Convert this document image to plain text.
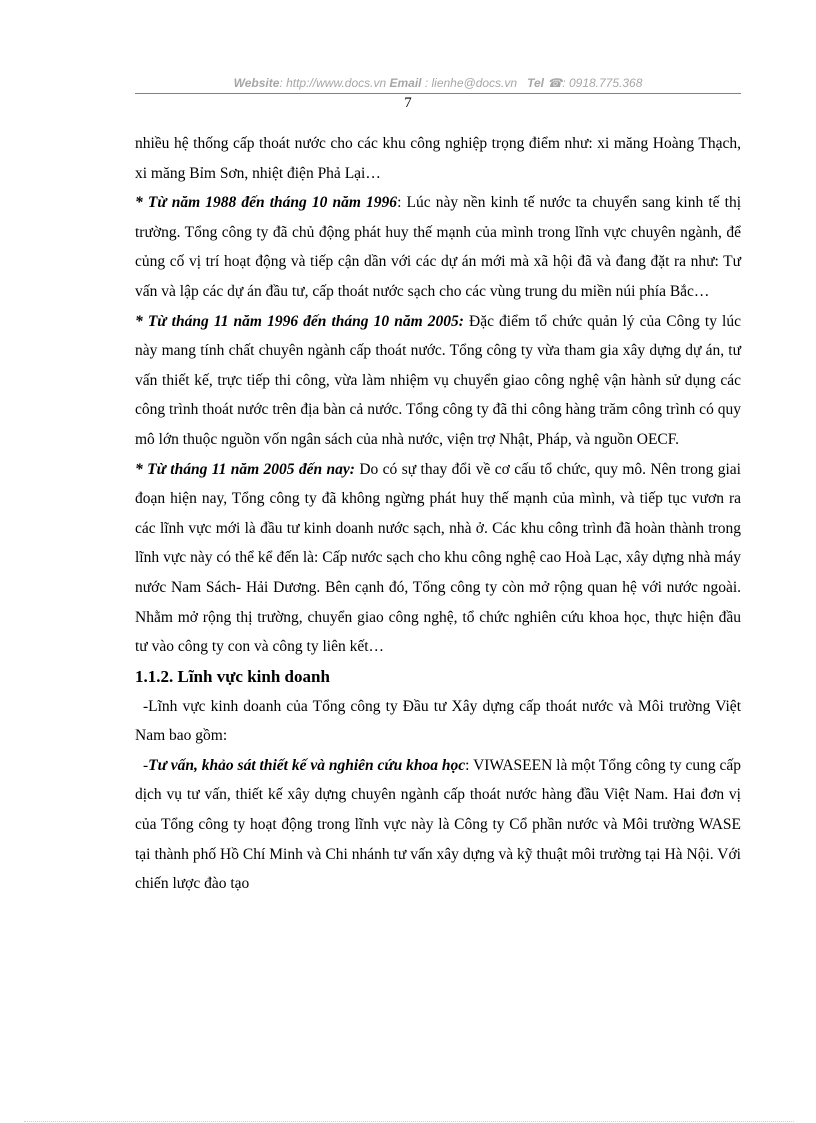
Website: http://www.docs.vn Email : lienhe@docs.vn Tel ☎: 0918.775.368
7

nhiều hệ thống cấp thoát nước cho các khu công nghiệp trọng điểm như: xi măng Hoàng Thạch, xi măng Bỉm Sơn, nhiệt điện Phả Lại…

* Từ năm 1988 đến tháng 10 năm 1996: Lúc này nền kinh tế nước ta chuyển sang kinh tế thị trường. Tổng công ty đã chủ động phát huy thế mạnh của mình trong lĩnh vực chuyên ngành, để củng cố vị trí hoạt động và tiếp cận dần với các dự án mới mà xã hội đã và đang đặt ra như: Tư vấn và lập các dự án đầu tư, cấp thoát nước sạch cho các vùng trung du miền núi phía Bắc…

* Từ tháng 11 năm 1996 đến tháng 10 năm 2005: Đặc điểm tổ chức quản lý của Công ty lúc này mang tính chất chuyên ngành cấp thoát nước. Tổng công ty vừa tham gia xây dựng dự án, tư vấn thiết kế, trực tiếp thi công, vừa làm nhiệm vụ chuyển giao công nghệ vận hành sử dụng các công trình thoát nước trên địa bàn cả nước. Tổng công ty đã thi công hàng trăm công trình có quy mô lớn thuộc nguồn vốn ngân sách của nhà nước, viện trợ Nhật, Pháp, và nguồn OECF.

* Từ tháng 11 năm 2005 đến nay: Do có sự thay đổi về cơ cấu tổ chức, quy mô. Nên trong giai đoạn hiện nay, Tổng công ty đã không ngừng phát huy thế mạnh của mình, và tiếp tục vươn ra các lĩnh vực mới là đầu tư kinh doanh nước sạch, nhà ở. Các khu công trình đã hoàn thành trong lĩnh vực này có thể kể đến là: Cấp nước sạch cho khu công nghệ cao Hoà Lạc, xây dựng nhà máy nước Nam Sách- Hải Dương. Bên cạnh đó, Tổng công ty còn mở rộng quan hệ với nước ngoài. Nhằm mở rộng thị trường, chuyển giao công nghệ, tổ chức nghiên cứu khoa học, thực hiện đầu tư vào công ty con và công ty liên kết…

1.1.2. Lĩnh vực kinh doanh

-Lĩnh vực kinh doanh của Tổng công ty Đầu tư Xây dựng cấp thoát nước và Môi trường Việt Nam bao gồm:

-Tư vấn, khảo sát thiết kế và nghiên cứu khoa học: VIWASEEN là một Tổng công ty cung cấp dịch vụ tư vấn, thiết kế xây dựng chuyên ngành cấp thoát nước hàng đầu Việt Nam. Hai đơn vị của Tổng công ty hoạt động trong lĩnh vực này là Công ty Cổ phần nước và Môi trường WASE tại thành phố Hồ Chí Minh và Chi nhánh tư vấn xây dựng và kỹ thuật môi trường tại Hà Nội. Với chiến lược đào tạo
